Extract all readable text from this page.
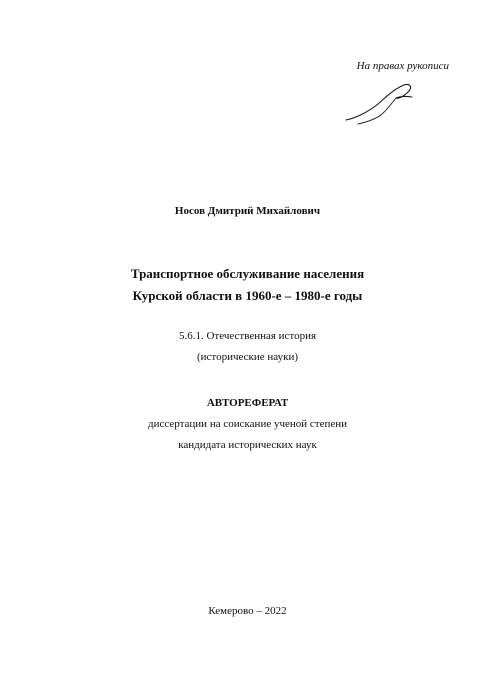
На правах рукописи
Носов Дмитрий Михайлович
Транспортное обслуживание населения
Курской области в 1960-е – 1980-е годы
5.6.1. Отечественная история
(исторические науки)
АВТОРЕФЕРАТ
диссертации на соискание ученой степени
кандидата исторических наук
Кемерово – 2022
